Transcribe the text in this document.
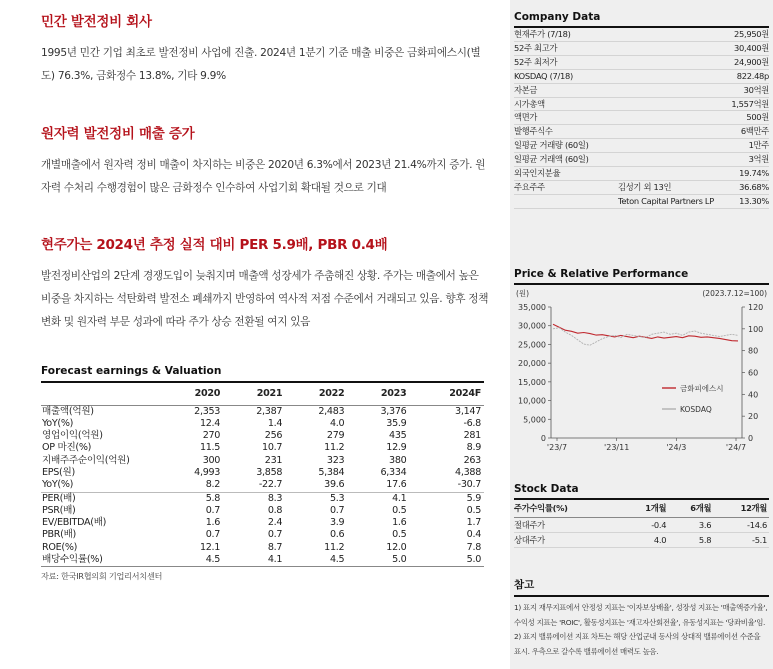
민간 발전정비 회사
1995년 민간 기업 최초로 발전정비 사업에 진출. 2024년 1분기 기준 매출 비중은 금화피에스시(별도) 76.3%, 금화정수 13.8%, 기타 9.9%
원자력 발전정비 매출 증가
개별매출에서 원자력 정비 매출이 차지하는 비중은 2020년 6.3%에서 2023년 21.4%까지 증가. 원자력 수처리 수행경험이 많은 금화정수 인수하여 사업기회 확대될 것으로 기대
현주가는 2024년 추정 실적 대비 PER 5.9배, PBR 0.4배
발전정비산업의 2단계 경쟁도입이 늦춰지며 매출액 성장세가 주춤해진 상황. 주가는 매출에서 높은 비중을 차지하는 석탄화력 발전소 폐쇄까지 반영하여 역사적 저점 수준에서 거래되고 있음. 향후 정책 변화 및 원자력 부문 성과에 따라 주가 상승 전환될 여지 있음
Forecast earnings & Valuation
	2020	2021	2022	2023	2024F
매출액(억원)	2,353	2,387	2,483	3,376	3,147
YoY(%)	12.4	1.4	4.0	35.9	-6.8
영업이익(억원)	270	256	279	435	281
OP 마진(%)	11.5	10.7	11.2	12.9	8.9
지배주주순이익(억원)	300	231	323	380	263
EPS(원)	4,993	3,858	5,384	6,334	4,388
YoY(%)	8.2	-22.7	39.6	17.6	-30.7
PER(배)	5.8	8.3	5.3	4.1	5.9
PSR(배)	0.7	0.8	0.7	0.5	0.5
EV/EBITDA(배)	1.6	2.4	3.9	1.6	1.7
PBR(배)	0.7	0.7	0.6	0.5	0.4
ROE(%)	12.1	8.7	11.2	12.0	7.8
배당수익률(%)	4.5	4.1	4.5	5.0	5.0
자료: 한국IR협의회 기업리서치센터
Company Data
현재주가 (7/18)		25,950원
52주 최고가		30,400원
52주 최저가		24,900원
KOSDAQ (7/18)		822.48p
자본금		30억원
시가총액		1,557억원
액면가		500원
발행주식수		6백만주
일평균 거래량 (60일)		1만주
일평균 거래액 (60일)		3억원
외국인지분율		19.74%
주요주주	김성기 외 13인	36.68%
	Teton Capital Partners LP	13.30%
Price & Relative Performance
(원)	(2023.7.12=100)
0
5,000
10,000
15,000
20,000
25,000
30,000
35,000
0
20
40
60
80
100
120
'23/7	'23/11	'24/3	'24/7
금화피에스시
KOSDAQ
Stock Data
주가수익률(%)	1개월	6개월	12개월
절대주가	-0.4	3.6	-14.6
상대주가	4.0	5.8	-5.1
참고
1) 표지 재무지표에서 안정성 지표는 '이자보상배율', 성장성 지표는 '매출액증가율', 수익성 지표는 'ROIC', 활동성지표는 '재고자산회전율', 유동성지표는 '당좌비율'임. 2) 표지 밸류에이션 지표 차트는 해당 산업군내 동사의 상대적 밸류에이션 수준을 표시. 우측으로 갈수록 밸류에이션 매력도 높음.
